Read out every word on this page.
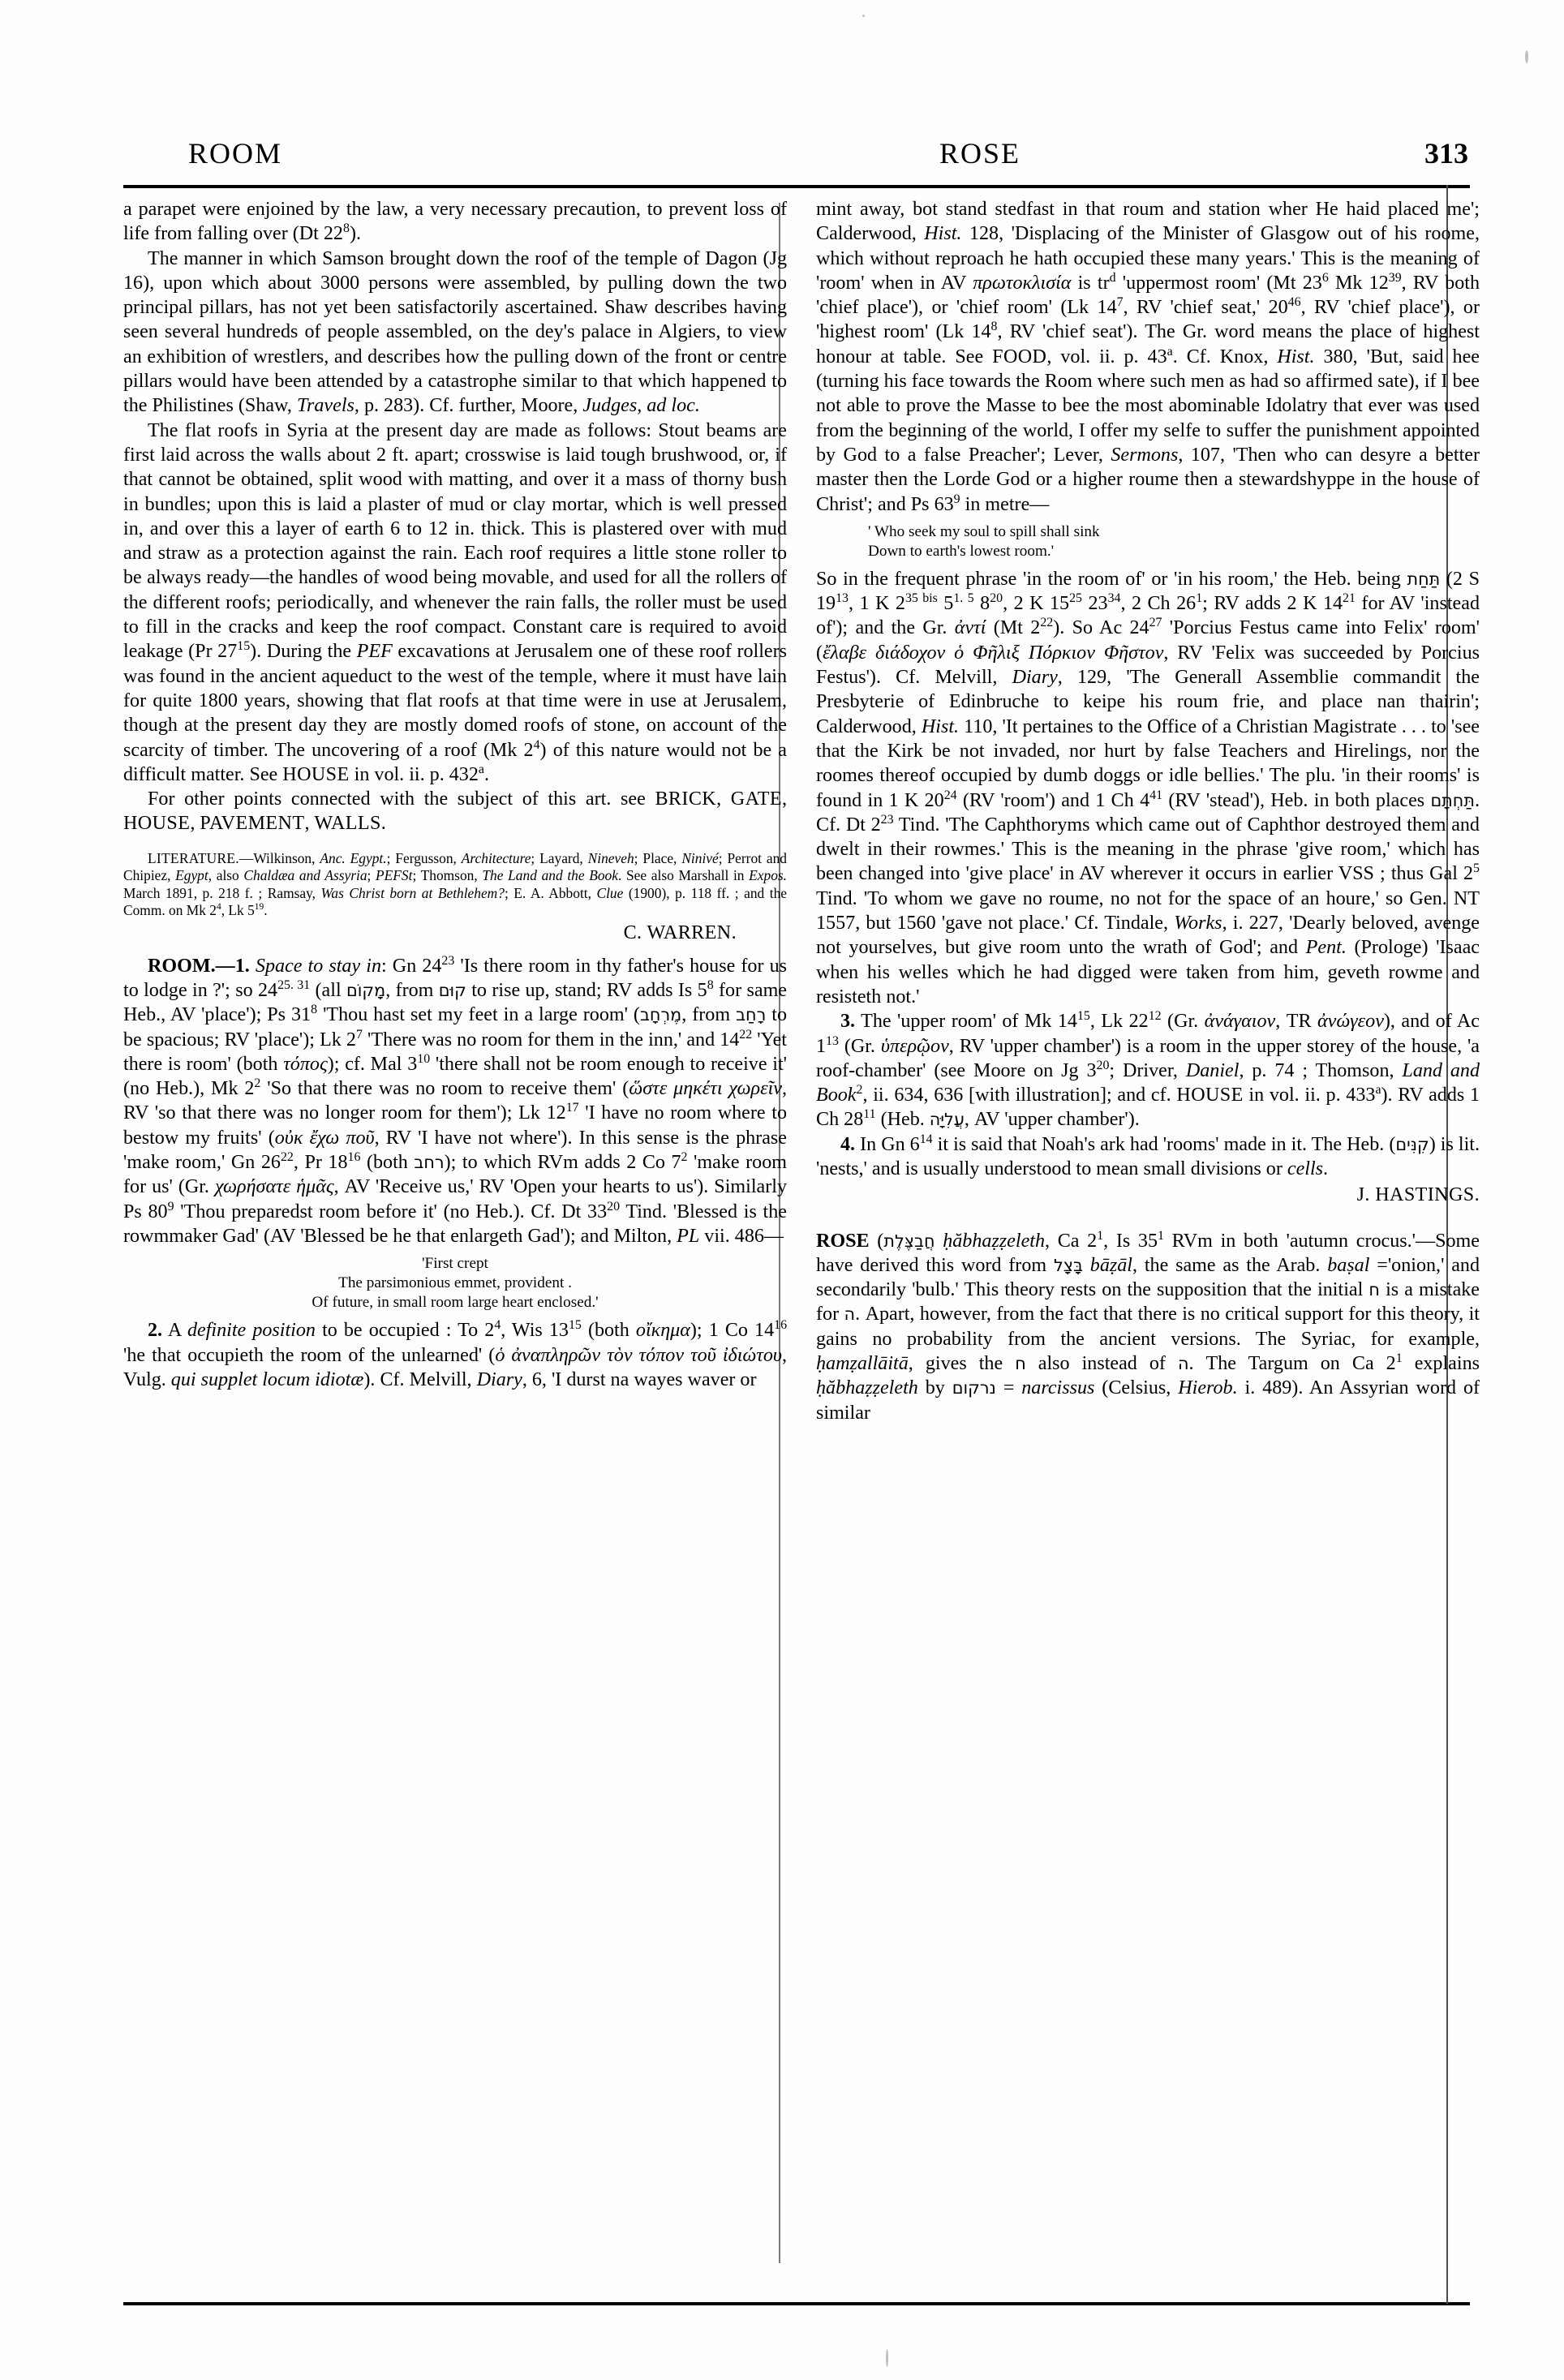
ROOM	ROSE	313

a parapet were enjoined by the law, a very necessary precaution, to prevent loss of life from falling over (Dt $22^8$).

The manner in which Samson brought down the roof of the temple of Dagon (Jg 16), upon which about 3000 persons were assembled, by pulling down the two principal pillars, has not yet been satisfactorily ascertained. Shaw describes having seen several hundreds of people assembled, on the dey's palace in Algiers, to view an exhibition of wrestlers, and describes how the pulling down of the front or centre pillars would have been attended by a catastrophe similar to that which happened to the Philistines (Shaw, Travels, p. 283). Cf. further, Moore, Judges, ad loc.

The flat roofs in Syria at the present day are made as follows: Stout beams are first laid across the walls about 2 ft. apart; crosswise is laid tough brushwood, or, if that cannot be obtained, split wood with matting, and over it a mass of thorny bush in bundles; upon this is laid a plaster of mud or clay mortar, which is well pressed in, and over this a layer of earth 6 to 12 in. thick. This is plastered over with mud and straw as a protection against the rain. Each roof requires a little stone roller to be always ready—the handles of wood being movable, and used for all the rollers of the different roofs; periodically, and whenever the rain falls, the roller must be used to fill in the cracks and keep the roof compact. Constant care is required to avoid leakage (Pr $27^{15}$). During the PEF excavations at Jerusalem one of these roof rollers was found in the ancient aqueduct to the west of the temple, where it must have lain for quite 1800 years, showing that flat roofs at that time were in use at Jerusalem, though at the present day they are mostly domed roofs of stone, on account of the scarcity of timber. The uncovering of a roof (Mk $2^4$) of this nature would not be a difficult matter. See HOUSE in vol. ii. p. 432$^a$.

For other points connected with the subject of this art. see BRICK, GATE, HOUSE, PAVEMENT, WALLS.

LITERATURE.—Wilkinson, Anc. Egypt.; Fergusson, Architecture; Layard, Nineveh; Place, Ninivé; Perrot and Chipiez, Egypt, also Chaldæa and Assyria; PEFSt; Thomson, The Land and the Book. See also Marshall in Expos. March 1891, p. 218 f. ; Ramsay, Was Christ born at Bethlehem?; E. A. Abbott, Clue (1900), p. 118 ff. ; and the Comm. on Mk $2^4$, Lk $5^{19}$.

C. WARREN.

ROOM.—1. Space to stay in: Gn $24^{23}$ 'Is there room in thy father's house for us to lodge in ?'; so $24^{25. 31}$ (all מָקוֹם, from קוּם to rise up, stand; RV adds Is $5^8$ for same Heb., AV 'place'); Ps $31^8$ 'Thou hast set my feet in a large room' (מֶרְחָב, from רָחַב to be spacious; RV 'place'); Lk $2^7$ 'There was no room for them in the inn,' and $14^{22}$ 'Yet there is room' (both τόπος); cf. Mal $3^{10}$ 'there shall not be room enough to receive it' (no Heb.), Mk $2^2$ 'So that there was no room to receive them' (ὥστε μηκέτι χωρεῖν, RV 'so that there was no longer room for them'); Lk $12^{17}$ 'I have no room where to bestow my fruits' (οὐκ ἔχω ποῦ, RV 'I have not where'). In this sense is the phrase 'make room,' Gn $26^{22}$, Pr $18^{16}$ (both רחב); to which RVm adds 2 Co $7^2$ 'make room for us' (Gr. χωρήσατε ἡμᾶς, AV 'Receive us,' RV 'Open your hearts to us'). Similarly Ps $80^9$ 'Thou preparedst room before it' (no Heb.). Cf. Dt $33^{20}$ Tind. 'Blessed is the rowmmaker Gad' (AV 'Blessed be he that enlargeth Gad'); and Milton, PL vii. 486—

'First crept
The parsimonious emmet, provident .
Of future, in small room large heart enclosed.'

2. A definite position to be occupied : To $2^4$, Wis $13^{15}$ (both οἴκημα); 1 Co $14^{16}$ 'he that occupieth the room of the unlearned' (ὁ ἀναπληρῶν τὸν τόπον τοῦ ἰδιώτου, Vulg. qui supplet locum idiotæ). Cf. Melvill, Diary, 6, 'I durst na wayes waver or

mint away, bot stand stedfast in that roum and station wher He haid placed me'; Calderwood, Hist. 128, 'Displacing of the Minister of Glasgow out of his roome, which without reproach he hath occupied these many years.' This is the meaning of 'room' when in AV πρωτοκλισία is $tr^d$ 'uppermost room' (Mt $23^6$ Mk $12^{39}$, RV both 'chief place'), or 'chief room' (Lk $14^7$, RV 'chief seat,' $20^{46}$, RV 'chief place'), or 'highest room' (Lk $14^8$, RV 'chief seat'). The Gr. word means the place of highest honour at table. See FOOD, vol. ii. p. 43$^a$. Cf. Knox, Hist. 380, 'But, said hee (turning his face towards the Room where such men as had so affirmed sate), if I bee not able to prove the Masse to bee the most abominable Idolatry that ever was used from the beginning of the world, I offer my selfe to suffer the punishment appointed by God to a false Preacher'; Lever, Sermons, 107, 'Then who can desyre a better master then the Lorde God or a higher roume then a stewardshyppe in the house of Christ'; and Ps $63^9$ in metre—

' Who seek my soul to spill shall sink
Down to earth's lowest room.'

So in the frequent phrase 'in the room of' or 'in his room,' the Heb. being תַּחַת (2 S $19^{13}$, 1 K $2^{35 bis}$ $5^{1. 5}$ $8^{20}$, 2 K $15^{25}$ $23^{34}$, 2 Ch $26^1$; RV adds 2 K $14^{21}$ for AV 'instead of'); and the Gr. ἀντί (Mt $2^{22}$). So Ac $24^{27}$ 'Porcius Festus came into Felix' room' (ἔλαβε διάδοχον ὁ Φῆλιξ Πόρκιον Φῆστον, RV 'Felix was succeeded by Porcius Festus'). Cf. Melvill, Diary, 129, 'The Generall Assemblie commandit the Presbyterie of Edinbruche to keipe his roum frie, and place nan thairin'; Calderwood, Hist. 110, 'It pertaines to the Office of a Christian Magistrate . . . to 'see that the Kirk be not invaded, nor hurt by false Teachers and Hirelings, nor the roomes thereof occupied by dumb doggs or idle bellies.' The plu. 'in their rooms' is found in 1 K $20^{24}$ (RV 'room') and 1 Ch $4^{41}$ (RV 'stead'), Heb. in both places תַּחְתָּם. Cf. Dt $2^{23}$ Tind. 'The Caphthoryms which came out of Caphthor destroyed them and dwelt in their rowmes.' This is the meaning in the phrase 'give room,' which has been changed into 'give place' in AV wherever it occurs in earlier VSS ; thus Gal $2^5$ Tind. 'To whom we gave no roume, no not for the space of an houre,' so Gen. NT 1557, but 1560 'gave not place.' Cf. Tindale, Works, i. 227, 'Dearly beloved, avenge not yourselves, but give room unto the wrath of God'; and Pent. (Prologe) 'Isaac when his welles which he had digged were taken from him, geveth rowme and resisteth not.'

3. The 'upper room' of Mk $14^{15}$, Lk $22^{12}$ (Gr. ἀνάγαιον, TR ἀνώγεον), and of Ac $1^{13}$ (Gr. ὑπερῷον, RV 'upper chamber') is a room in the upper storey of the house, 'a roof-chamber' (see Moore on Jg $3^{20}$; Driver, Daniel, p. 74 ; Thomson, Land and Book$^2$, ii. 634, 636 [with illustration]; and cf. HOUSE in vol. ii. p. 433$^a$). RV adds 1 Ch $28^{11}$ (Heb. עֲלִיָּה, AV 'upper chamber').

4. In Gn $6^{14}$ it is said that Noah's ark had 'rooms' made in it. The Heb. (קִנִּים) is lit. 'nests,' and is usually understood to mean small divisions or cells.

J. HASTINGS.

ROSE (חֲבַצֶּלֶת ḥăbhaẓẓeleth, Ca $2^1$, Is $35^1$ RVm in both 'autumn crocus.'—Some have derived this word from בָּצָל bāẓāl, the same as the Arab. baṣal ='onion,' and secondarily 'bulb.' This theory rests on the supposition that the initial ח is a mistake for ה. Apart, however, from the fact that there is no critical support for this theory, it gains no probability from the ancient versions. The Syriac, for example, ḥamẓallāitā, gives the ח also instead of ה. The Targum on Ca $2^1$ explains ḥăbhaẓẓeleth by נרקום = narcissus (Celsius, Hierob. i. 489). An Assyrian word of similar
